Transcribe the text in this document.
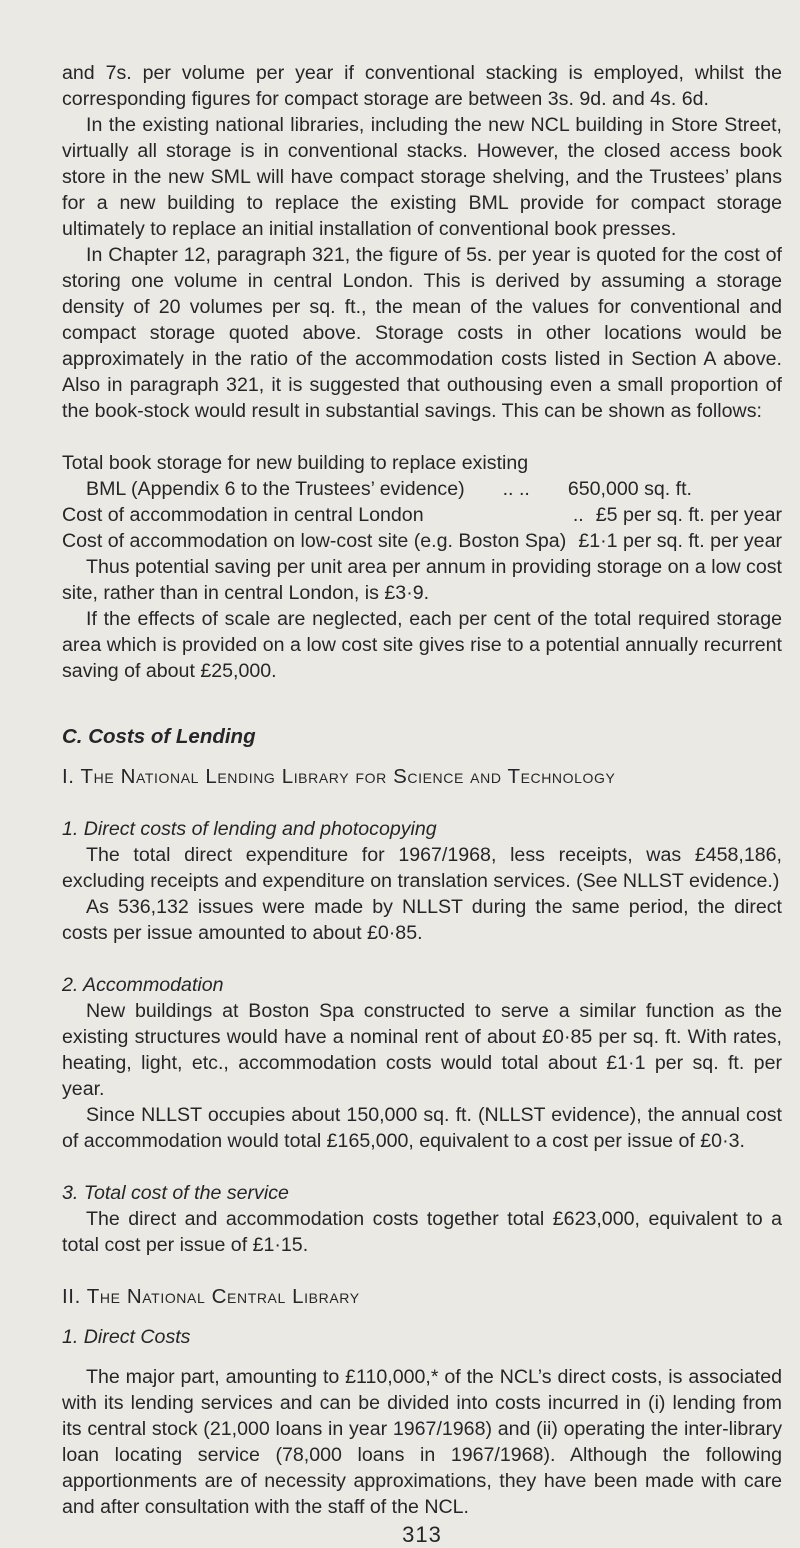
and 7s. per volume per year if conventional stacking is employed, whilst the corresponding figures for compact storage are between 3s. 9d. and 4s. 6d.

In the existing national libraries, including the new NCL building in Store Street, virtually all storage is in conventional stacks. However, the closed access book store in the new SML will have compact storage shelving, and the Trustees’ plans for a new building to replace the existing BML provide for compact storage ultimately to replace an initial installation of conventional book presses.

In Chapter 12, paragraph 321, the figure of 5s. per year is quoted for the cost of storing one volume in central London. This is derived by assuming a storage density of 20 volumes per sq. ft., the mean of the values for conventional and compact storage quoted above. Storage costs in other locations would be approximately in the ratio of the accommodation costs listed in Section A above. Also in paragraph 321, it is suggested that outhousing even a small proportion of the book-stock would result in substantial savings. This can be shown as follows:

Total book storage for new building to replace existing

BML (Appendix 6 to the Trustees’ evidence)	.. ..	650,000 sq. ft.
Cost of accommodation in central London	.. £5 per sq. ft. per year
Cost of accommodation on low-cost site (e.g. Boston Spa) £1·1 per sq. ft. per year

Thus potential saving per unit area per annum in providing storage on a low cost site, rather than in central London, is £3·9.

If the effects of scale are neglected, each per cent of the total required storage area which is provided on a low cost site gives rise to a potential annually recurrent saving of about £25,000.

C. Costs of Lending

I. The National Lending Library for Science and Technology

1. Direct costs of lending and photocopying

The total direct expenditure for 1967/1968, less receipts, was £458,186, excluding receipts and expenditure on translation services. (See NLLST evidence.)

As 536,132 issues were made by NLLST during the same period, the direct costs per issue amounted to about £0·85.

2. Accommodation

New buildings at Boston Spa constructed to serve a similar function as the existing structures would have a nominal rent of about £0·85 per sq. ft. With rates, heating, light, etc., accommodation costs would total about £1·1 per sq. ft. per year.

Since NLLST occupies about 150,000 sq. ft. (NLLST evidence), the annual cost of accommodation would total £165,000, equivalent to a cost per issue of £0·3.

3. Total cost of the service

The direct and accommodation costs together total £623,000, equivalent to a total cost per issue of £1·15.

II. The National Central Library

1. Direct Costs

The major part, amounting to £110,000,* of the NCL’s direct costs, is associated with its lending services and can be divided into costs incurred in (i) lending from its central stock (21,000 loans in year 1967/1968) and (ii) operating the inter-library loan locating service (78,000 loans in 1967/1968). Although the following apportionments are of necessity approximations, they have been made with care and after consultation with the staff of the NCL.

313
